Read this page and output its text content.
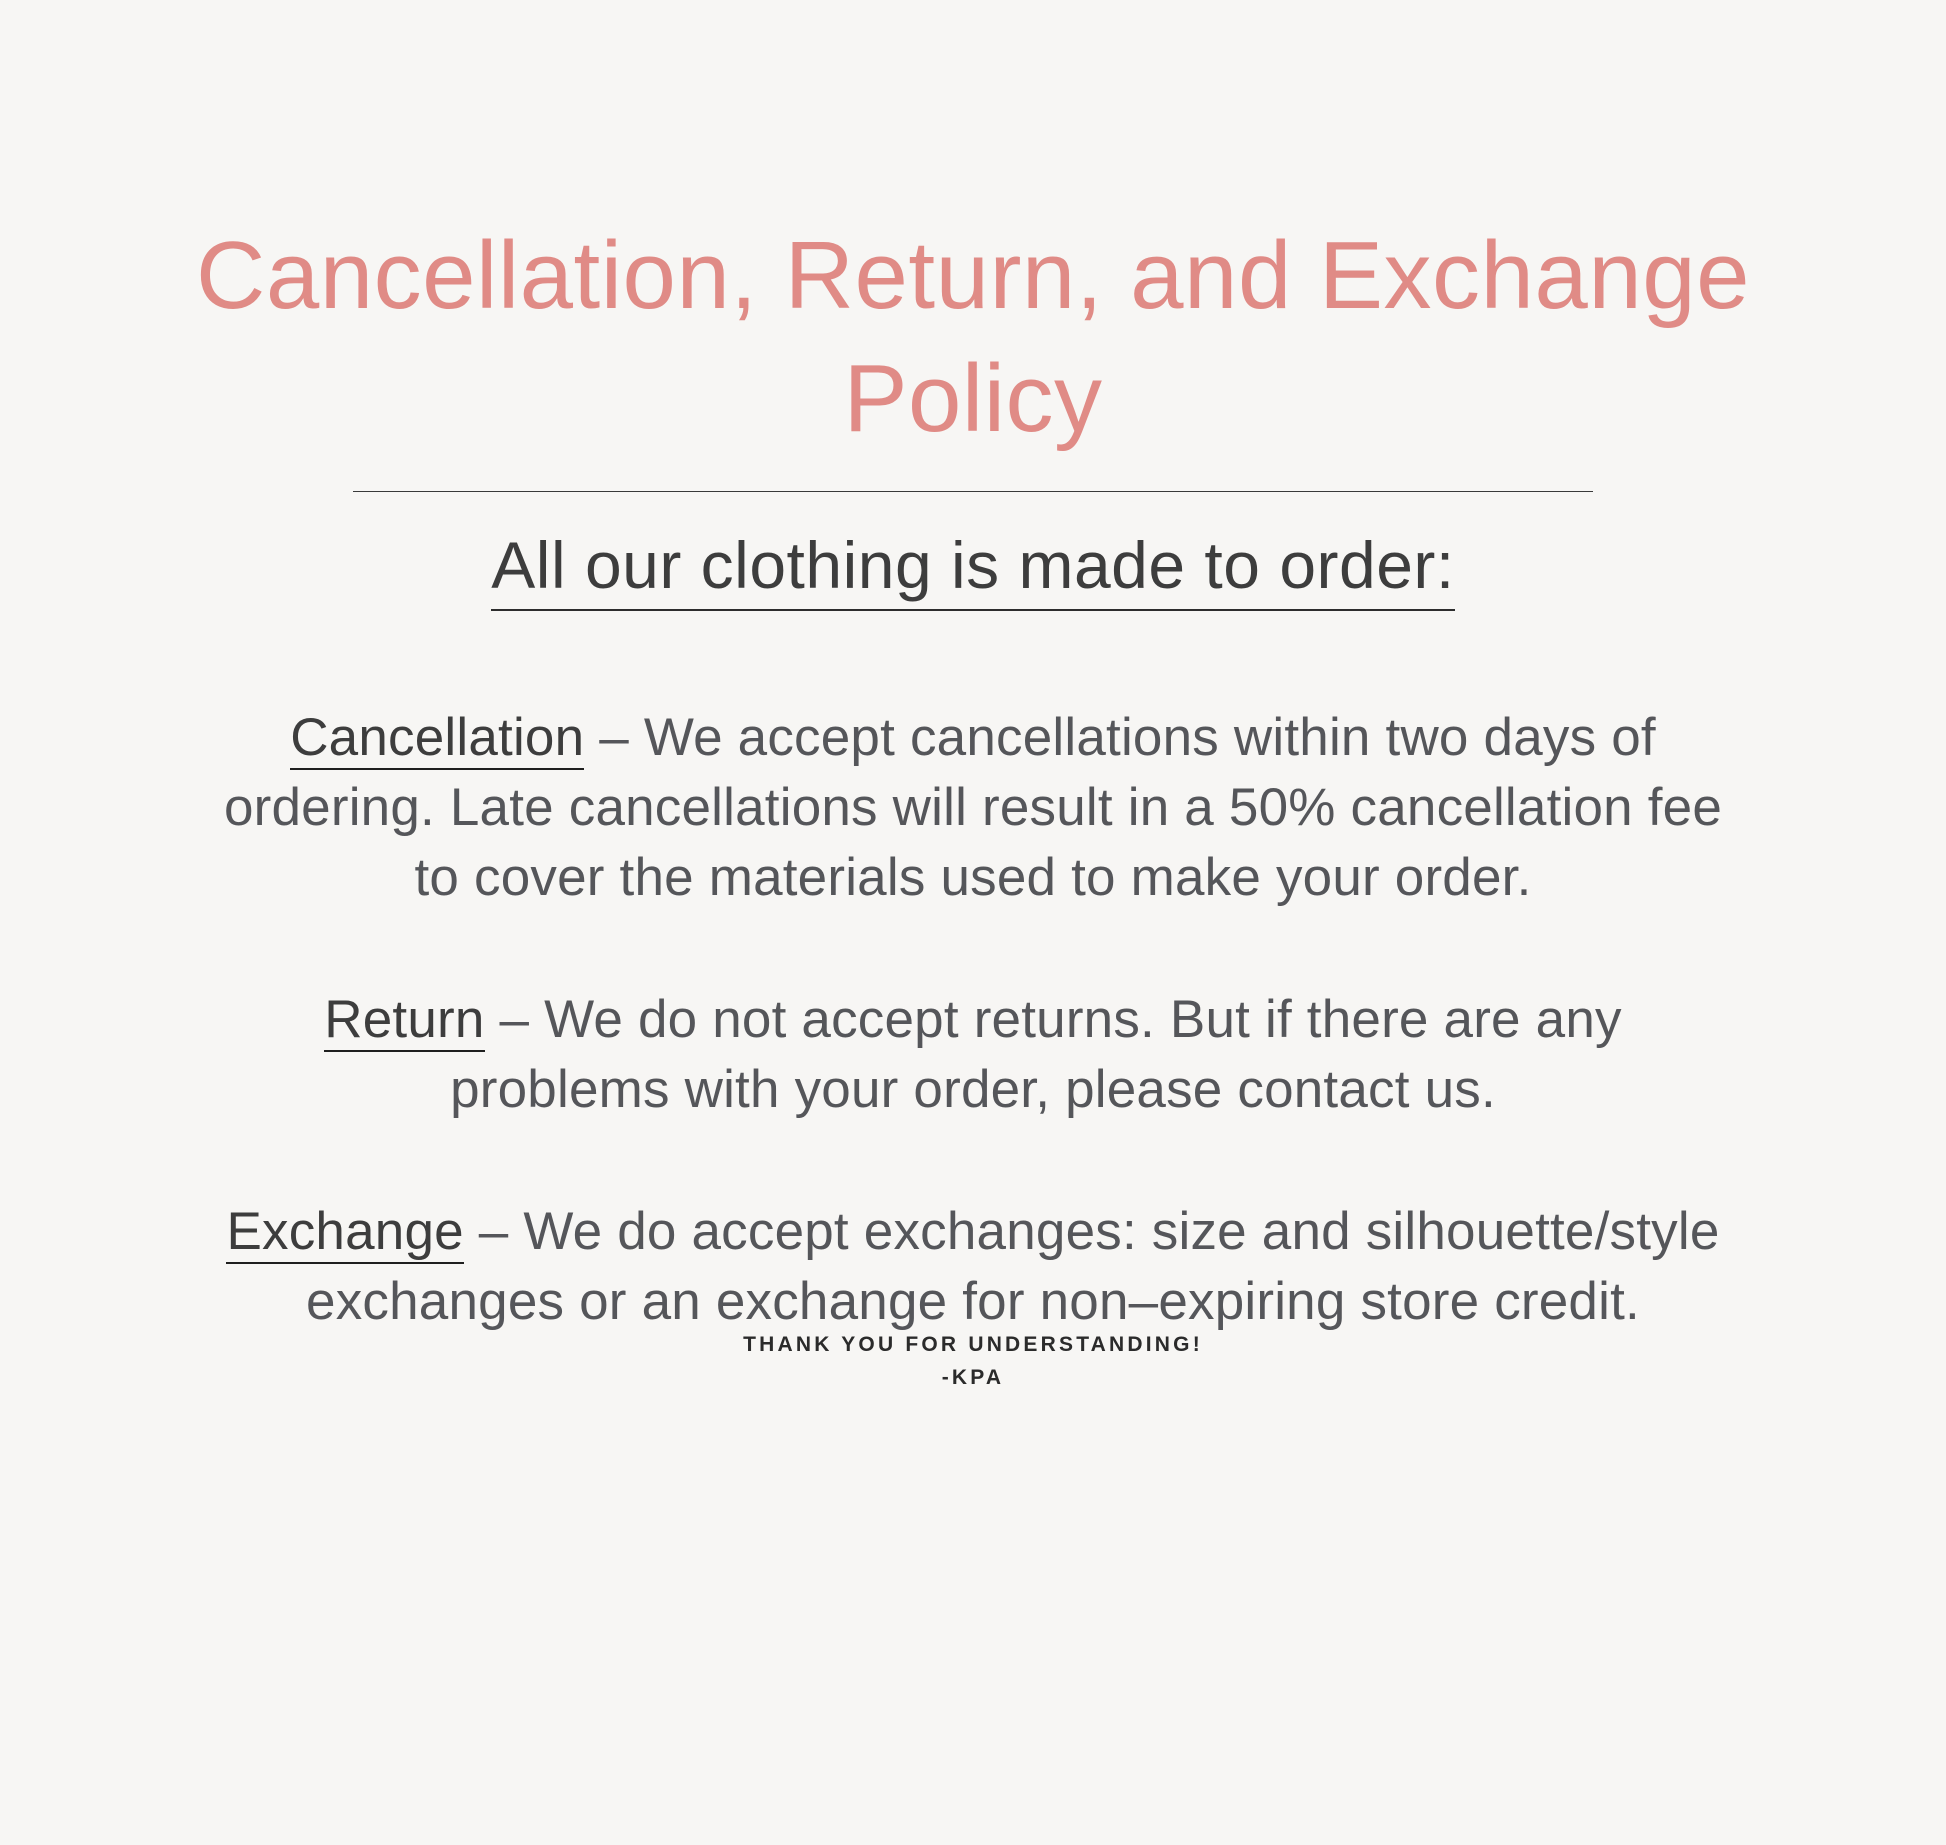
Cancellation, Return, and Exchange Policy
All our clothing is made to order:

Cancellation – We accept cancellations within two days of ordering. Late cancellations will result in a 50% cancellation fee to cover the materials used to make your order.

Return – We do not accept returns. But if there are any problems with your order, please contact us.

Exchange – We do accept exchanges: size and silhouette/style exchanges or an exchange for non–expiring store credit.

THANK YOU FOR UNDERSTANDING!

-KPA
